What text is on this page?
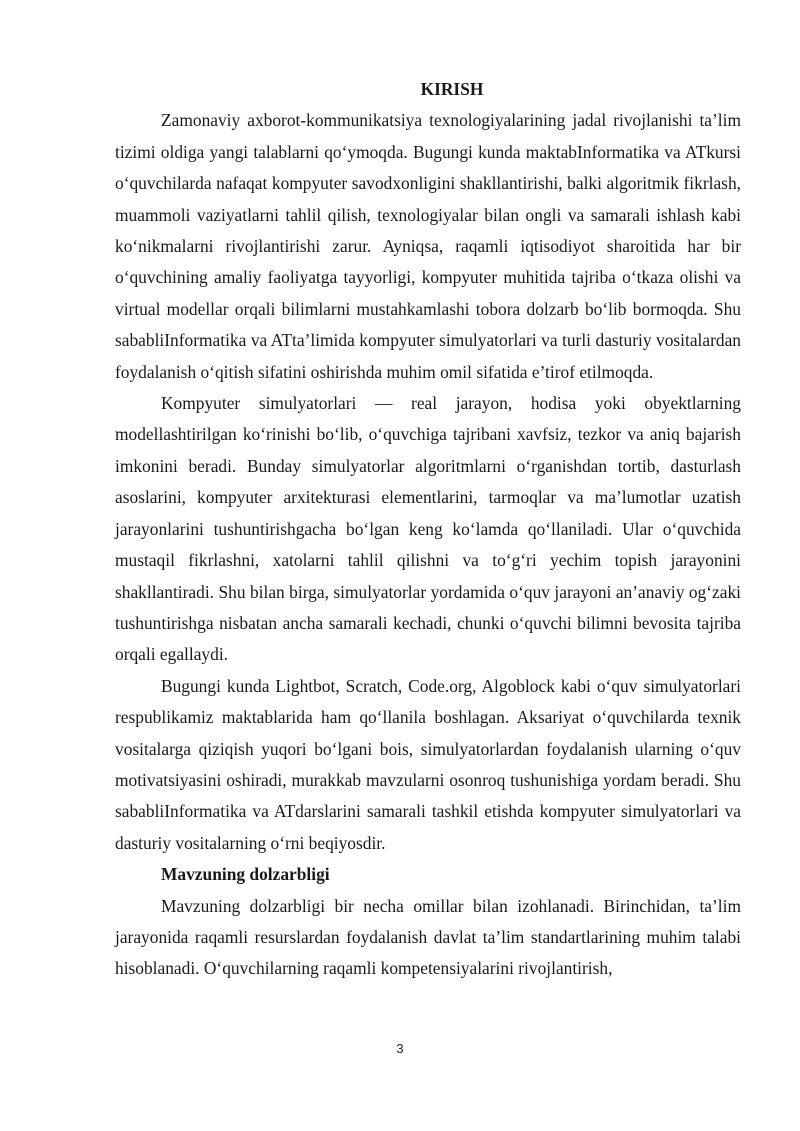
KIRISH

Zamonaviy axborot-kommunikatsiya texnologiyalarining jadal rivojlanishi ta’lim tizimi oldiga yangi talablarni qo‘ymoqda. Bugungi kunda maktabInformatika va ATkursi o‘quvchilarda nafaqat kompyuter savodxonligini shakllantirishi, balki algoritmik fikrlash, muammoli vaziyatlarni tahlil qilish, texnologiyalar bilan ongli va samarali ishlash kabi ko‘nikmalarni rivojlantirishi zarur. Ayniqsa, raqamli iqtisodiyot sharoitida har bir o‘quvchining amaliy faoliyatga tayyorligi, kompyuter muhitida tajriba o‘tkaza olishi va virtual modellar orqali bilimlarni mustahkamlashi tobora dolzarb bo‘lib bormoqda. Shu sababliInformatika va ATta’limida kompyuter simulyatorlari va turli dasturiy vositalardan foydalanish o‘qitish sifatini oshirishda muhim omil sifatida e’tirof etilmoqda.

Kompyuter simulyatorlari — real jarayon, hodisa yoki obyektlarning modellashtirilgan ko‘rinishi bo‘lib, o‘quvchiga tajribani xavfsiz, tezkor va aniq bajarish imkonini beradi. Bunday simulyatorlar algoritmlarni o‘rganishdan tortib, dasturlash asoslarini, kompyuter arxitekturasi elementlarini, tarmoqlar va ma’lumotlar uzatish jarayonlarini tushuntirishgacha bo‘lgan keng ko‘lamda qo‘llaniladi. Ular o‘quvchida mustaqil fikrlashni, xatolarni tahlil qilishni va to‘g‘ri yechim topish jarayonini shakllantiradi. Shu bilan birga, simulyatorlar yordamida o‘quv jarayoni an’anaviy og‘zaki tushuntirishga nisbatan ancha samarali kechadi, chunki o‘quvchi bilimni bevosita tajriba orqali egallaydi.

Bugungi kunda Lightbot, Scratch, Code.org, Algoblock kabi o‘quv simulyatorlari respublikamiz maktablarida ham qo‘llanila boshlagan. Aksariyat o‘quvchilarda texnik vositalarga qiziqish yuqori bo‘lgani bois, simulyatorlardan foydalanish ularning o‘quv motivatsiyasini oshiradi, murakkab mavzularni osonroq tushunishiga yordam beradi. Shu sababliInformatika va ATdarslarini samarali tashkil etishda kompyuter simulyatorlari va dasturiy vositalarning o‘rni beqiyosdir.

Mavzuning dolzarbligi

Mavzuning dolzarbligi bir necha omillar bilan izohlanadi. Birinchidan, ta’lim jarayonida raqamli resurslardan foydalanish davlat ta’lim standartlarining muhim talabi hisoblanadi. O‘quvchilarning raqamli kompetensiyalarini rivojlantirish,

3
